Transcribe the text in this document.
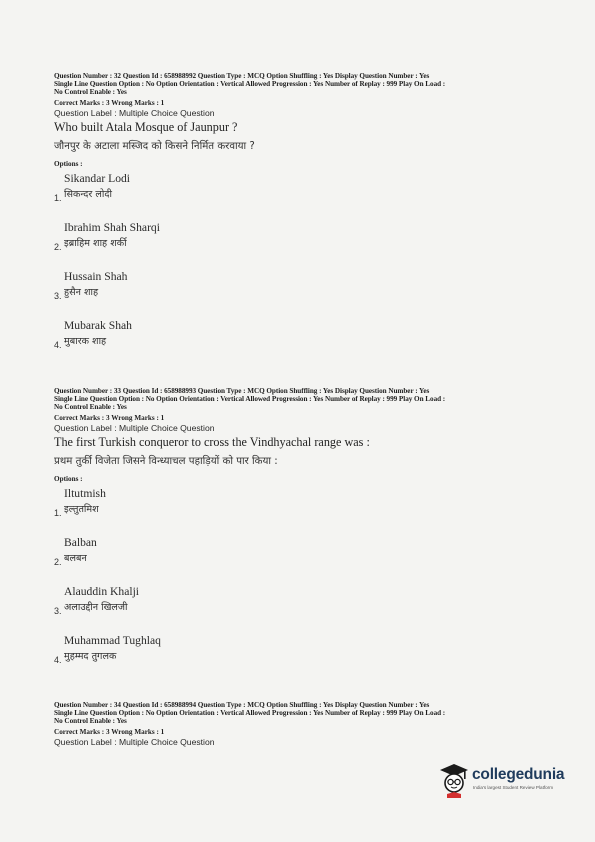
Question Number : 32 Question Id : 658988992 Question Type : MCQ Option Shuffling : Yes Display Question Number : Yes
Single Line Question Option : No Option Orientation : Vertical Allowed Progression : Yes Number of Replay : 999 Play On Load :
No Control Enable : Yes
Correct Marks : 3 Wrong Marks : 1
Question Label : Multiple Choice Question
Who built Atala Mosque of Jaunpur ?
जौनपुर के अटाला मस्जिद को किसने निर्मित करवाया ?
Options :
Sikandar Lodi
1. सिकन्दर लोदी
Ibrahim Shah Sharqi
2. इब्राहिम शाह शर्की
Hussain Shah
3. हुसैन शाह
Mubarak Shah
4. मुबारक शाह
Question Number : 33 Question Id : 658988993 Question Type : MCQ Option Shuffling : Yes Display Question Number : Yes
Single Line Question Option : No Option Orientation : Vertical Allowed Progression : Yes Number of Replay : 999 Play On Load :
No Control Enable : Yes
Correct Marks : 3 Wrong Marks : 1
Question Label : Multiple Choice Question
The first Turkish conqueror to cross the Vindhyachal range was :
प्रथम तुर्की विजेता जिसने विन्ध्याचल पहाड़ियों को पार किया :
Options :
Iltutmish
1. इल्तुतमिश
Balban
2. बलबन
Alauddin Khalji
3. अलाउद्दीन खिलजी
Muhammad Tughlaq
4. मुहम्मद तुगलक
Question Number : 34 Question Id : 658988994 Question Type : MCQ Option Shuffling : Yes Display Question Number : Yes
Single Line Question Option : No Option Orientation : Vertical Allowed Progression : Yes Number of Replay : 999 Play On Load :
No Control Enable : Yes
Correct Marks : 3 Wrong Marks : 1
Question Label : Multiple Choice Question
collegedunia
India's largest Student Review Platform
